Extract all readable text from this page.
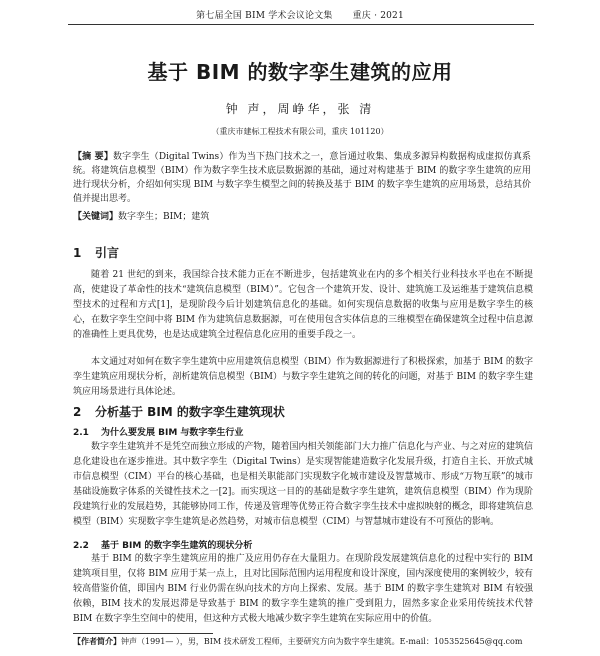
第七届全国 BIM 学术会议论文集 重庆 · 2021
基于 BIM 的数字孪生建筑的应用
钟 声，周峥华，张 清
（重庆市建标工程技术有限公司，重庆 101120）
【摘 要】数字孪生（Digital Twins）作为当下热门技术之一，意旨通过收集、集成多源异构数据构成虚拟仿真系统。将建筑信息模型（BIM）作为数字孪生技术底层数据源的基础，通过对构建基于 BIM 的数字孪生建筑的应用进行现状分析，介绍如何实现 BIM 与数字孪生模型之间的转换及基于 BIM 的数字孪生建筑的应用场景，总结其价值并提出思考。
【关键词】数字孪生；BIM；建筑
1 引言
随着 21 世纪的到来，我国综合技术能力正在不断进步，包括建筑业在内的多个相关行业科技水平也在不断提高，使建设了革命性的技术“建筑信息模型（BIM）”。它包含一个建筑开发、设计、建筑施工及运维基于建筑信息模型技术的过程和方式[1]，是现阶段今后计划建筑信息化的基础。如何实现信息数据的收集与应用是数字孪生的核心，在数字孪生空间中将 BIM 作为建筑信息数据源，可在使用包含实体信息的三维模型在确保建筑全过程中信息源的准确性上更具优势，也是达成建筑全过程信息化应用的重要手段之一。
本文通过对如何在数字孪生建筑中应用建筑信息模型（BIM）作为数据源进行了积极探索，加基于 BIM 的数字孪生建筑应用现状分析，剖析建筑信息模型（BIM）与数字孪生建筑之间的转化的问题，对基于 BIM 的数字孪生建筑应用场景进行具体论述。
2 分析基于 BIM 的数字孪生建筑现状
2.1 为什么要发展 BIM 与数字孪生行业
数字孪生建筑并不是凭空而独立形成的产物，随着国内相关领能部门大力推广信息化与产业、与之对应的建筑信息化建设也在逐步推进。其中数字孪生（Digital Twins）是实现智能建造数字化发展升级，打造自主长、开放式城市信息模型（CIM）平台的核心基础，也是相关职能部门实现数字化城市建设及智慧城市、形成“万物互联”的城市基础设施数字体系的关键性技术之一[2]。而实现这一目的的基础是数字孪生建筑，建筑信息模型（BIM）作为现阶段建筑行业的发展趋势，其能够协同工作，传递及管理等优势正符合数字孪生技术中虚拟映射的概念，即将建筑信息模型（BIM）实现数字孪生建筑是必然趋势，对城市信息模型（CIM）与智慧城市建设有不可预估的影响。
2.2 基于 BIM 的数字孪生建筑的现状分析
基于 BIM 的数字孪生建筑应用的推广及应用仍存在大量阻力。在现阶段发展建筑信息化的过程中实行的 BIM 建筑项目里，仅将 BIM 应用于某一点上，且对比国际范围内运用程度和设计深度，国内深度使用的案例较少，较有较高借鉴价值，即国内 BIM 行业仍需在纵向技术的方向上探索、发展。基于 BIM 的数字孪生建筑对 BIM 有较强依赖，BIM 技术的发展迟滞是导致基于 BIM 的数字孪生建筑的推广受到阻力，固然多家企业采用传统技术代替 BIM 在数字孪生空间中的使用，但这种方式极大地减少数字孪生建筑在实际应用中的价值。
【作者简介】钟声（1991— ），男，BIM 技术研发工程师，主要研究方向为数字孪生建筑。E-mail：1053525645@qq.com
